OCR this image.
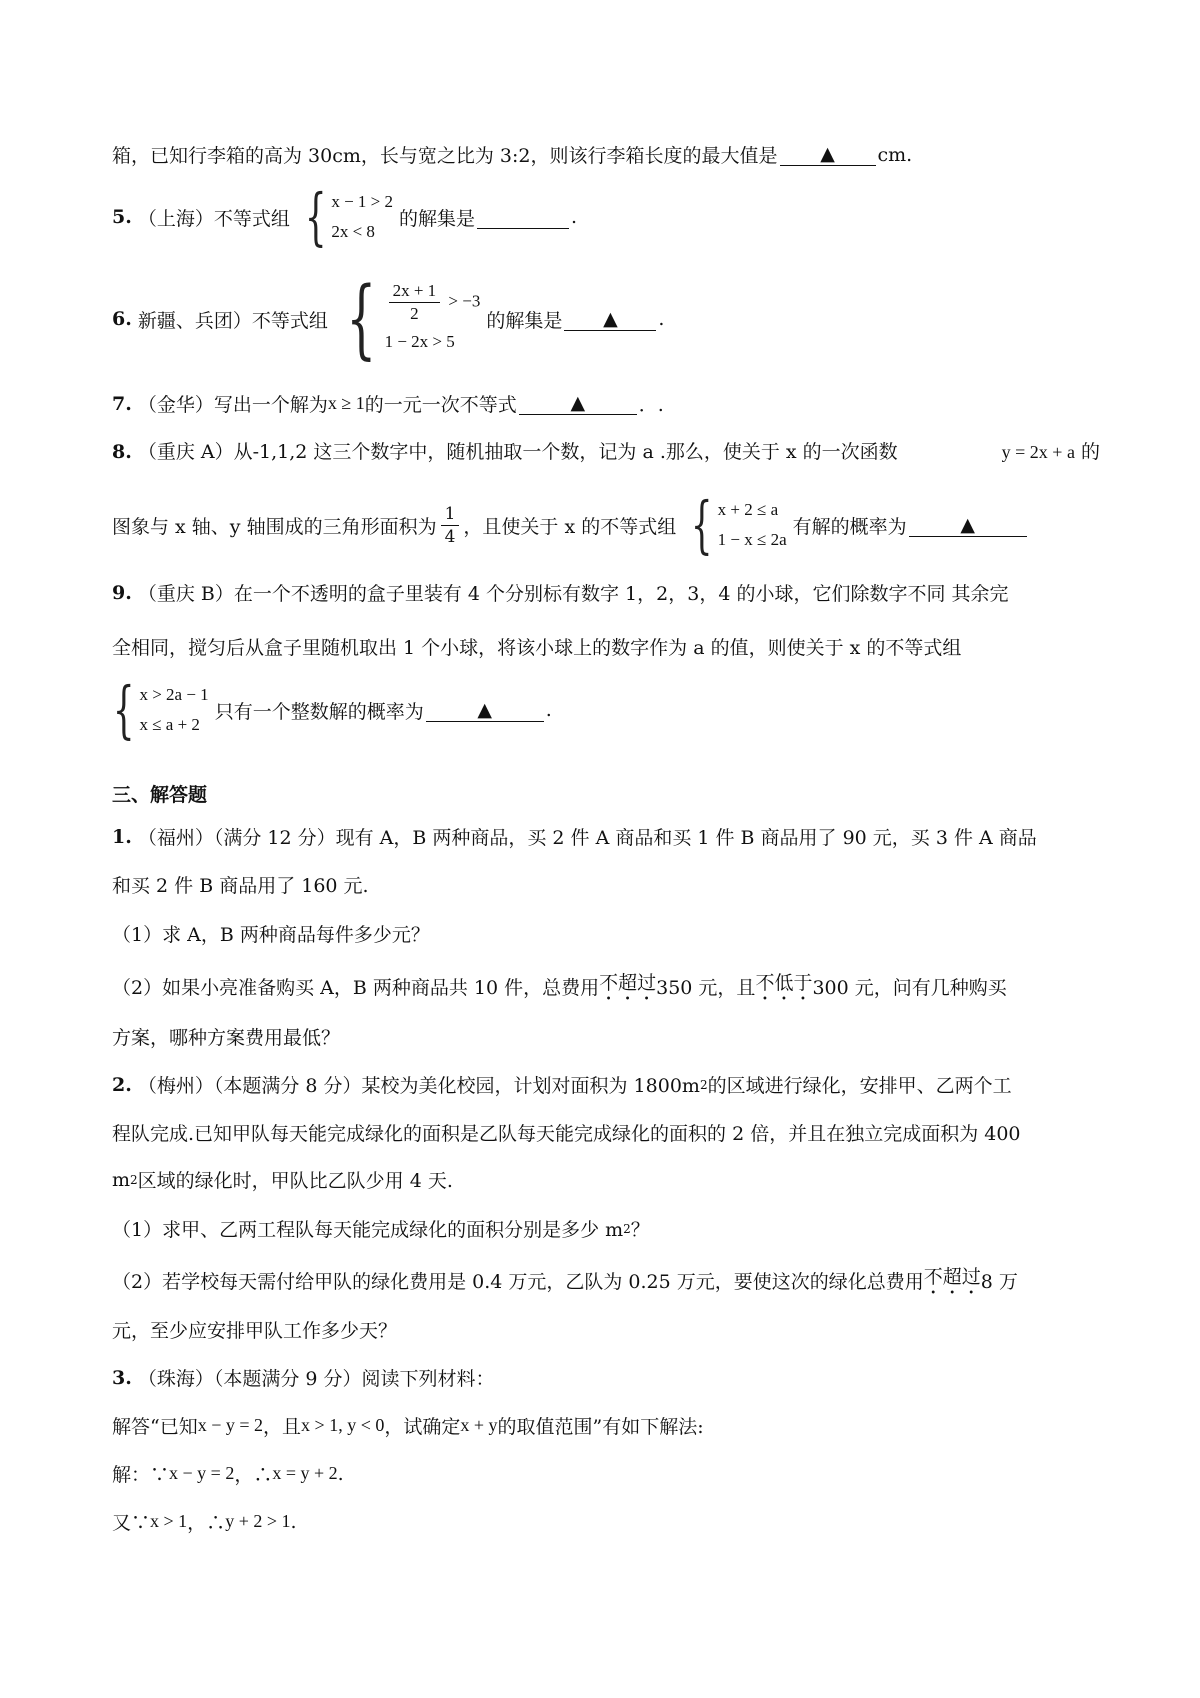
箱，已知行李箱的高为 30cm，长与宽之比为 3:2，则该行李箱长度的最大值是	▲	cm.
5. （上海）不等式组 { x − 1 > 2
2x < 8
的解集是	.
6. 新疆、兵团）不等式组 { $\frac{2x + 1}{2} > -3$
1 − 2x > 5
的解集是	▲	.
7. （金华）写出一个解为 x ≥ 1 的一元一次不等式	▲	．.
8. （重庆 A）从-1,1,2 这三个数字中，随机抽取一个数，记为 a .那么，使关于 x 的一次函数	y = 2x + a 的
图象与 x 轴、y 轴围成的三角形面积为 $\frac{1}{4}$ ，且使关于 x 的不等式组 { x + 2 ≤ a
1 − x ≤ 2a
有解的概率为	▲
9. （重庆 B）在一个不透明的盒子里装有 4 个分别标有数字 1，2，3，4 的小球，它们除数字不同 其余完
全相同，搅匀后从盒子里随机取出 1 个小球，将该小球上的数字作为 a 的值，则使关于 x 的不等式组
{ x > 2a − 1
x ≤ a + 2
只有一个整数解的概率为	▲	.
三、解答题
1. （福州）（满分 12 分）现有 A，B 两种商品，买 2 件 A 商品和买 1 件 B 商品用了 90 元，买 3 件 A 商品
和买 2 件 B 商品用了 160 元.
（1）求 A，B 两种商品每件多少元？
（2）如果小亮准备购买 A，B 两种商品共 10 件，总费用 不超过 350 元，且 不低于 300 元，问有几种购买
方案，哪种方案费用最低？
2. （梅州）（本题满分 8 分）某校为美化校园，计划对面积为 1800m 2 的区域进行绿化，安排甲、乙两个工
程队完成.已知甲队每天能完成绿化的面积是乙队每天能完成绿化的面积的 2 倍，并且在独立完成面积为 400
m 2 区域的绿化时，甲队比乙队少用 4 天.
（1）求甲、乙两工程队每天能完成绿化的面积分别是多少 m 2 ？
（2）若学校每天需付给甲队的绿化费用是 0.4 万元，乙队为 0.25 万元，要使这次的绿化总费用 不超过 8 万
元，至少应安排甲队工作多少天？
3. （珠海）（本题满分 9 分）阅读下列材料：
解答“已知 x − y = 2 ，且 x > 1, y < 0 ，试确定 x + y 的取值范围”有如下解法:
解：∵ x − y = 2 ，∴ x = y + 2 .
又∵ x > 1 ，∴ y + 2 > 1 .
